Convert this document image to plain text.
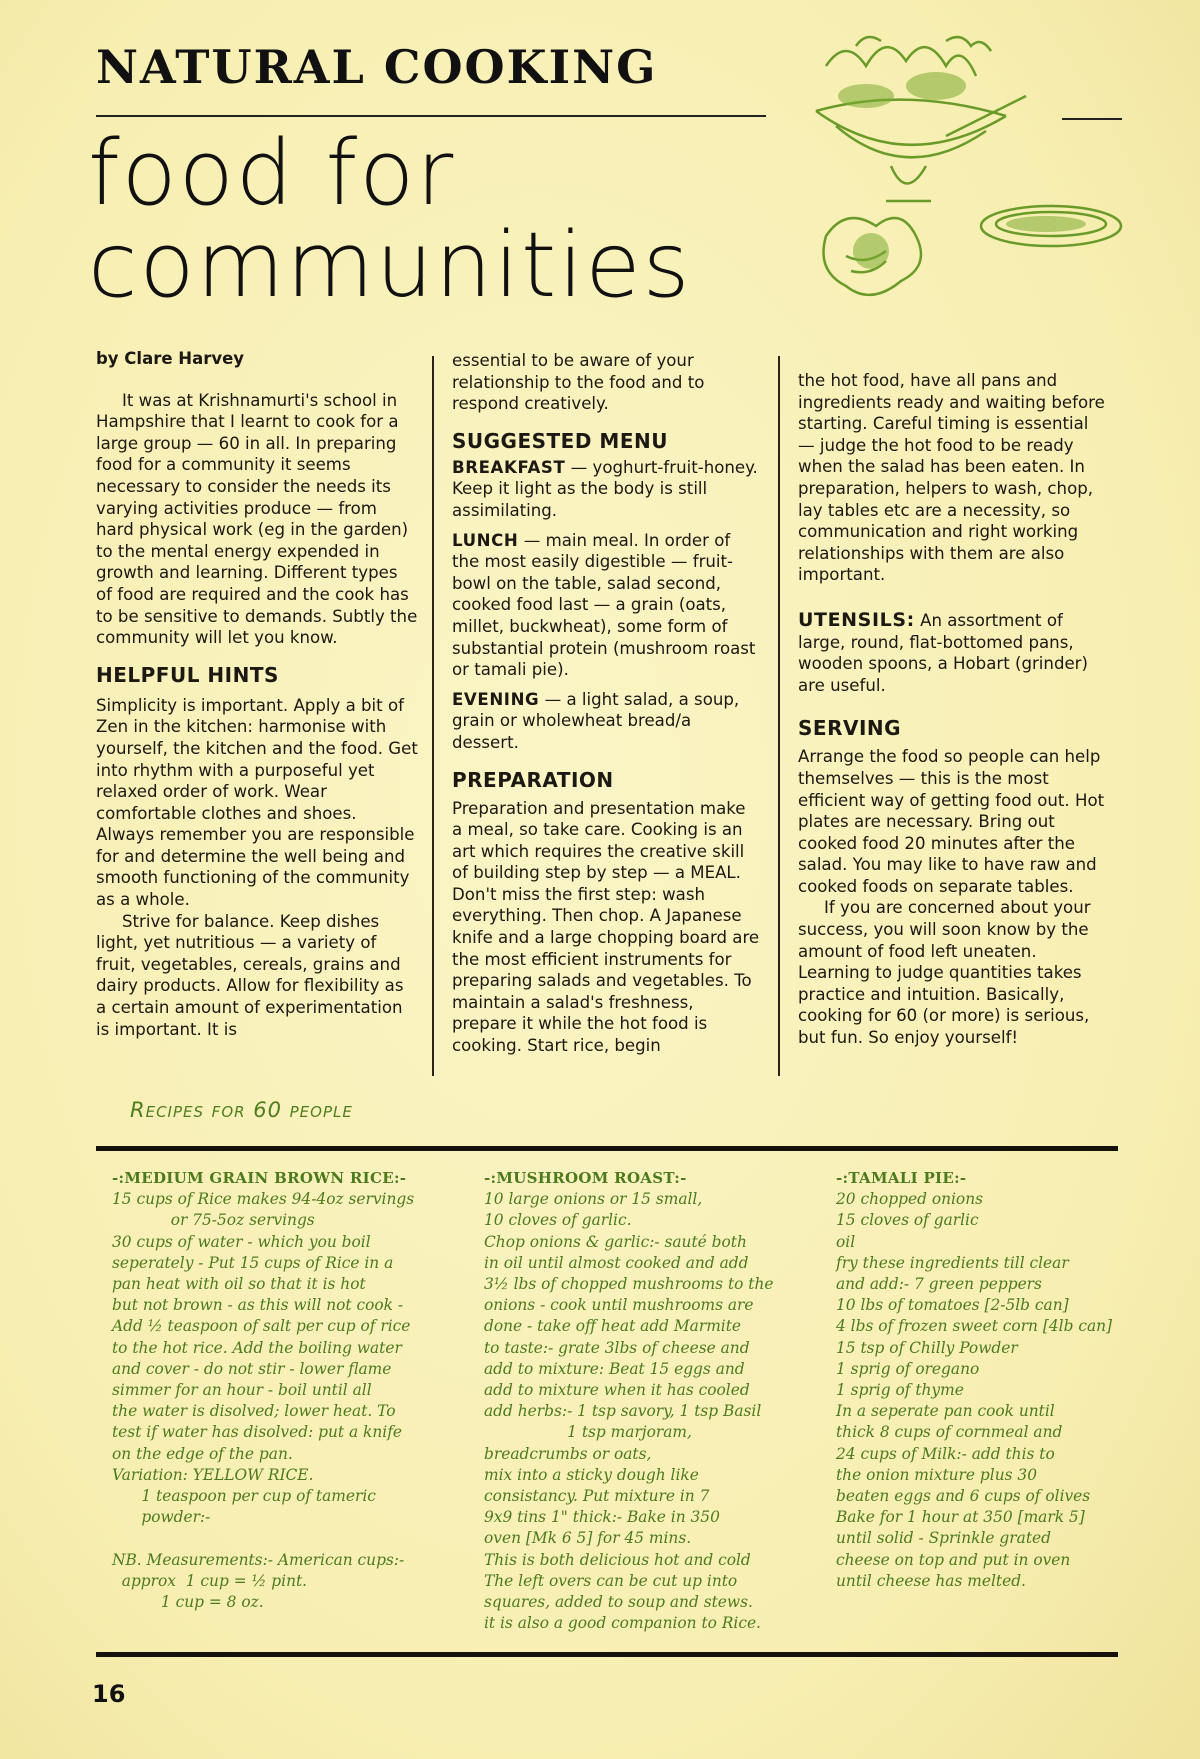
NATURAL COOKING
food for
communities

by Clare Harvey

It was at Krishnamurti's school in Hampshire that I learnt to cook for a large group — 60 in all. In preparing food for a community it seems necessary to consider the needs its varying activities produce — from hard physical work (eg in the garden) to the mental energy expended in growth and learning. Different types of food are required and the cook has to be sensitive to demands. Subtly the community will let you know.

HELPFUL HINTS

Simplicity is important. Apply a bit of Zen in the kitchen: harmonise with yourself, the kitchen and the food. Get into rhythm with a purposeful yet relaxed order of work. Wear comfortable clothes and shoes. Always remember you are responsible for and determine the well being and smooth functioning of the community as a whole.

Strive for balance. Keep dishes light, yet nutritious — a variety of fruit, vegetables, cereals, grains and dairy products. Allow for flexibility as a certain amount of experimentation is important. It is

essential to be aware of your relationship to the food and to respond creatively.

SUGGESTED MENU

BREAKFAST — yoghurt-fruit-honey. Keep it light as the body is still assimilating.

LUNCH — main meal. In order of the most easily digestible — fruit-bowl on the table, salad second, cooked food last — a grain (oats, millet, buckwheat), some form of substantial protein (mushroom roast or tamali pie).

EVENING — a light salad, a soup, grain or wholewheat bread/a dessert.

PREPARATION

Preparation and presentation make a meal, so take care. Cooking is an art which requires the creative skill of building step by step — a MEAL. Don't miss the first step: wash everything. Then chop. A Japanese knife and a large chopping board are the most efficient instruments for preparing salads and vegetables. To maintain a salad's freshness, prepare it while the hot food is cooking. Start rice, begin

the hot food, have all pans and ingredients ready and waiting before starting. Careful timing is essential — judge the hot food to be ready when the salad has been eaten. In preparation, helpers to wash, chop, lay tables etc are a necessity, so communication and right working relationships with them are also important.

UTENSILS: An assortment of large, round, flat-bottomed pans, wooden spoons, a Hobart (grinder) are useful.

SERVING

Arrange the food so people can help themselves — this is the most efficient way of getting food out. Hot plates are necessary. Bring out cooked food 20 minutes after the salad. You may like to have raw and cooked foods on separate tables.

If you are concerned about your success, you will soon know by the amount of food left uneaten. Learning to judge quantities takes practice and intuition. Basically, cooking for 60 (or more) is serious, but fun. So enjoy yourself!

Recipes for 60 people
-:MEDIUM GRAIN BROWN RICE:-
15 cups of Rice makes 94-4oz servings
or 75-5oz servings
30 cups of water - which you boil
seperately - Put 15 cups of Rice in a
pan heat with oil so that it is hot
but not brown - as this will not cook -
Add ½ teaspoon of salt per cup of rice
to the hot rice. Add the boiling water
and cover - do not stir - lower flame
simmer for an hour - boil until all
the water is disolved; lower heat. To
test if water has disolved: put a knife
on the edge of the pan.
Variation: YELLOW RICE.
1 teaspoon per cup of tameric
powder:-

NB. Measurements:- American cups:-
approx  1 cup = ½ pint.
1 cup = 8 oz.
-:MUSHROOM ROAST:-
10 large onions or 15 small,
10 cloves of garlic.
Chop onions & garlic:- sauté both
in oil until almost cooked and add
3½ lbs of chopped mushrooms to the
onions - cook until mushrooms are
done - take off heat add Marmite
to taste:- grate 3lbs of cheese and
add to mixture: Beat 15 eggs and
add to mixture when it has cooled
add herbs:- 1 tsp savory, 1 tsp Basil
1 tsp marjoram,
breadcrumbs or oats,
mix into a sticky dough like
consistancy. Put mixture in 7
9x9 tins 1" thick:- Bake in 350
oven [Mk 6 5] for 45 mins.
This is both delicious hot and cold
The left overs can be cut up into
squares, added to soup and stews.
it is also a good companion to Rice.
-:TAMALI PIE:-
20 chopped onions
15 cloves of garlic
oil
fry these ingredients till clear
and add:- 7 green peppers
10 lbs of tomatoes [2-5lb can]
4 lbs of frozen sweet corn [4lb can]
15 tsp of Chilly Powder
1 sprig of oregano
1 sprig of thyme
In a seperate pan cook until
thick 8 cups of cornmeal and
24 cups of Milk:- add this to
the onion mixture plus 30
beaten eggs and 6 cups of olives
Bake for 1 hour at 350 [mark 5]
until solid - Sprinkle grated
cheese on top and put in oven
until cheese has melted.
16
